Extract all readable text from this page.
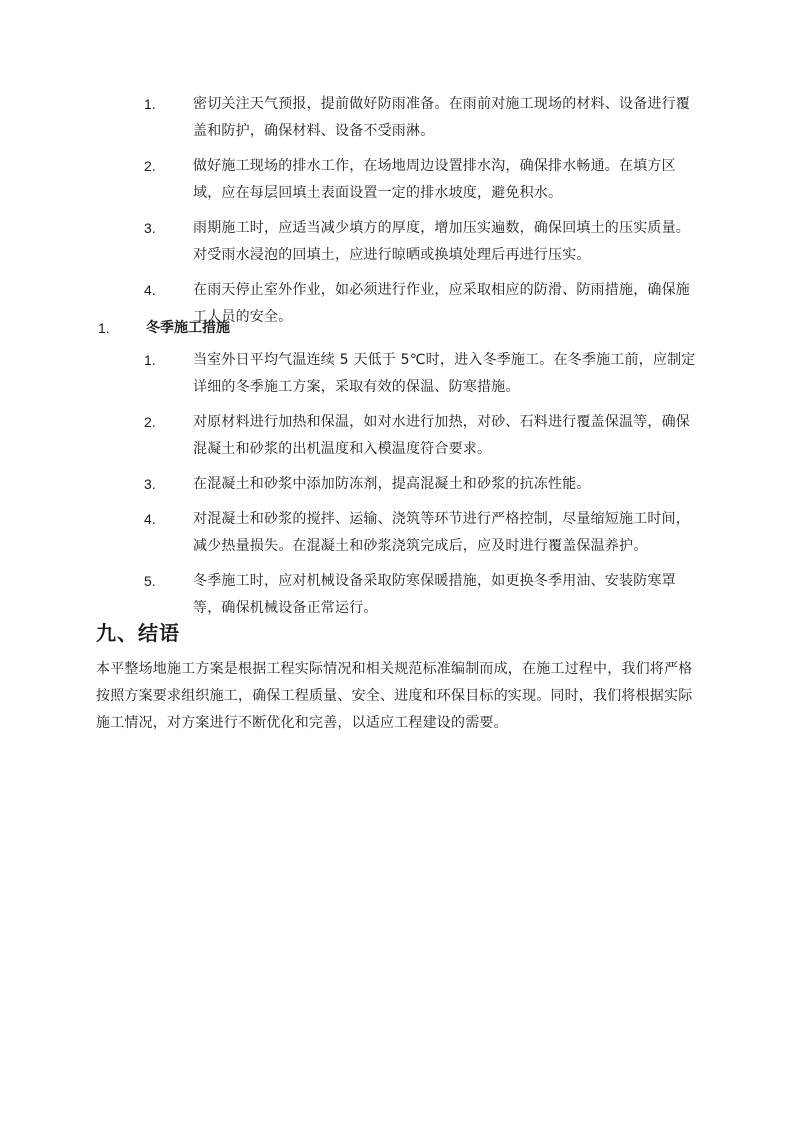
1.	密切关注天气预报，提前做好防雨准备。在雨前对施工现场的材料、设备进行覆盖和防护，确保材料、设备不受雨淋。
2.	做好施工现场的排水工作，在场地周边设置排水沟，确保排水畅通。在填方区域，应在每层回填土表面设置一定的排水坡度，避免积水。
3.	雨期施工时，应适当减少填方的厚度，增加压实遍数，确保回填土的压实质量。对受雨水浸泡的回填土，应进行晾晒或换填处理后再进行压实。
4.	在雨天停止室外作业，如必须进行作业，应采取相应的防滑、防雨措施，确保施工人员的安全。
1.	冬季施工措施
1.	当室外日平均气温连续 5 天低于 5℃时，进入冬季施工。在冬季施工前，应制定详细的冬季施工方案，采取有效的保温、防寒措施。
2.	对原材料进行加热和保温，如对水进行加热，对砂、石料进行覆盖保温等，确保混凝土和砂浆的出机温度和入模温度符合要求。
3.	在混凝土和砂浆中添加防冻剂，提高混凝土和砂浆的抗冻性能。
4.	对混凝土和砂浆的搅拌、运输、浇筑等环节进行严格控制，尽量缩短施工时间，减少热量损失。在混凝土和砂浆浇筑完成后，应及时进行覆盖保温养护。
5.	冬季施工时，应对机械设备采取防寒保暖措施，如更换冬季用油、安装防寒罩等，确保机械设备正常运行。
九、结语
本平整场地施工方案是根据工程实际情况和相关规范标准编制而成，在施工过程中，我们将严格按照方案要求组织施工，确保工程质量、安全、进度和环保目标的实现。同时，我们将根据实际施工情况，对方案进行不断优化和完善，以适应工程建设的需要。
